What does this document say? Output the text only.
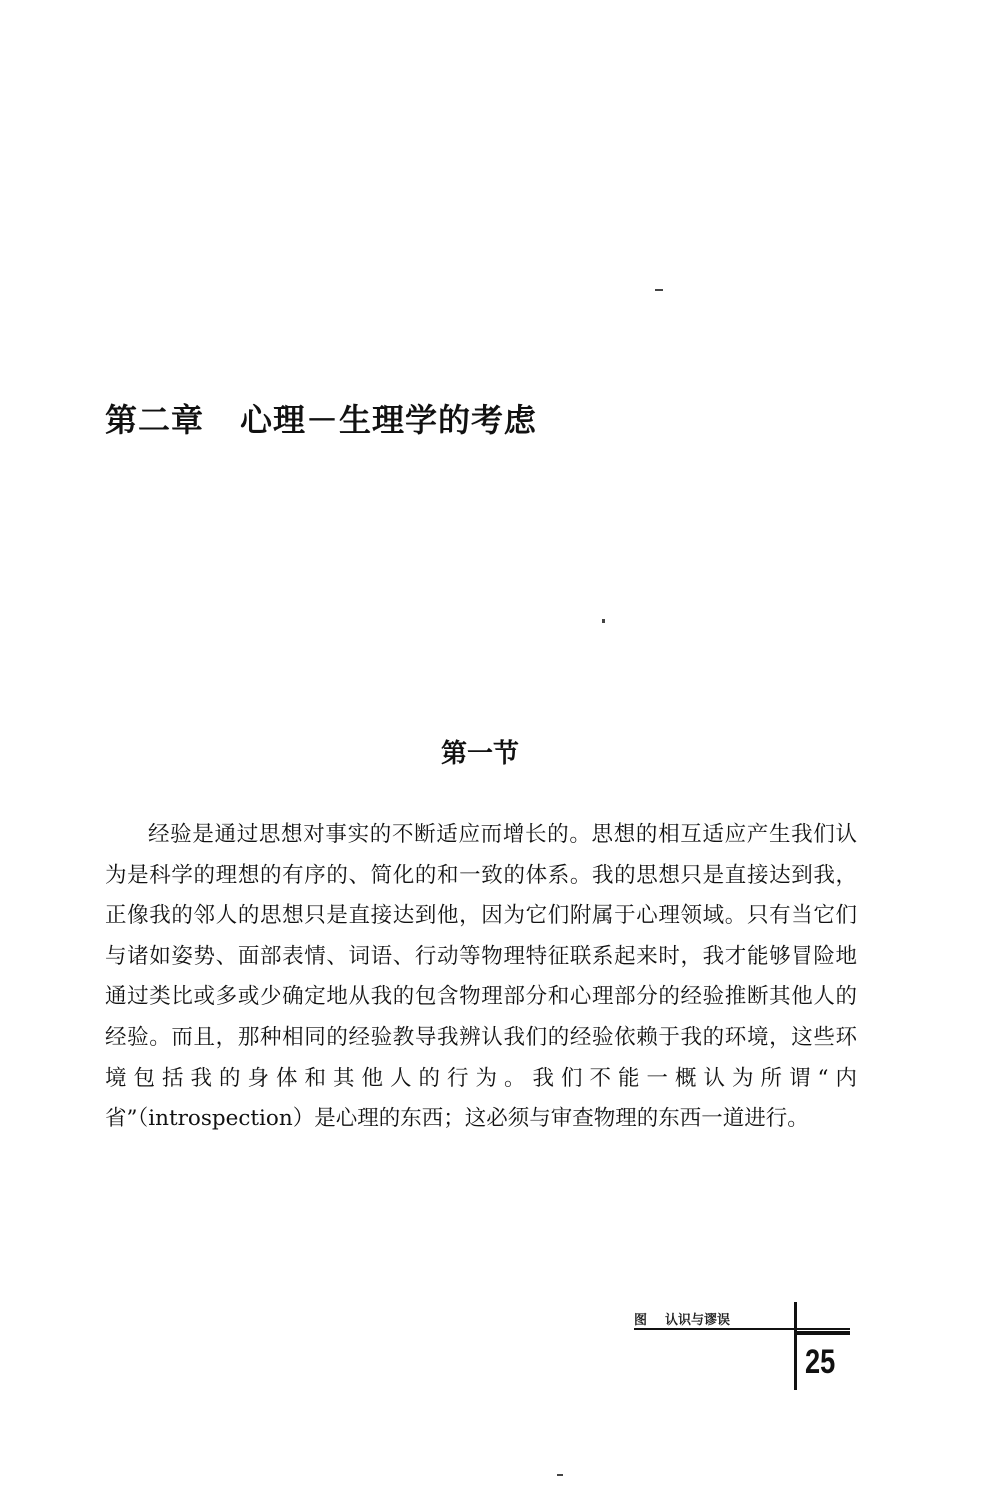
第二章 心理－生理学的考虑
第一节

经验是通过思想对事实的不断适应而增长的。思想的相互适应产生我们认为是科学的理想的有序的、简化的和一致的体系。我的思想只是直接达到我，正像我的邻人的思想只是直接达到他，因为它们附属于心理领域。只有当它们与诸如姿势、面部表情、词语、行动等物理特征联系起来时，我才能够冒险地通过类比或多或少确定地从我的包含物理部分和心理部分的经验推断其他人的经验。而且，那种相同的经验教导我辨认我们的经验依赖于我的环境，这些环境包括我的身体和其他人的行为。我们不能一概认为所谓“内省”（introspection）是心理的东西；这必须与审查物理的东西一道进行。

图 认识与谬误
25
